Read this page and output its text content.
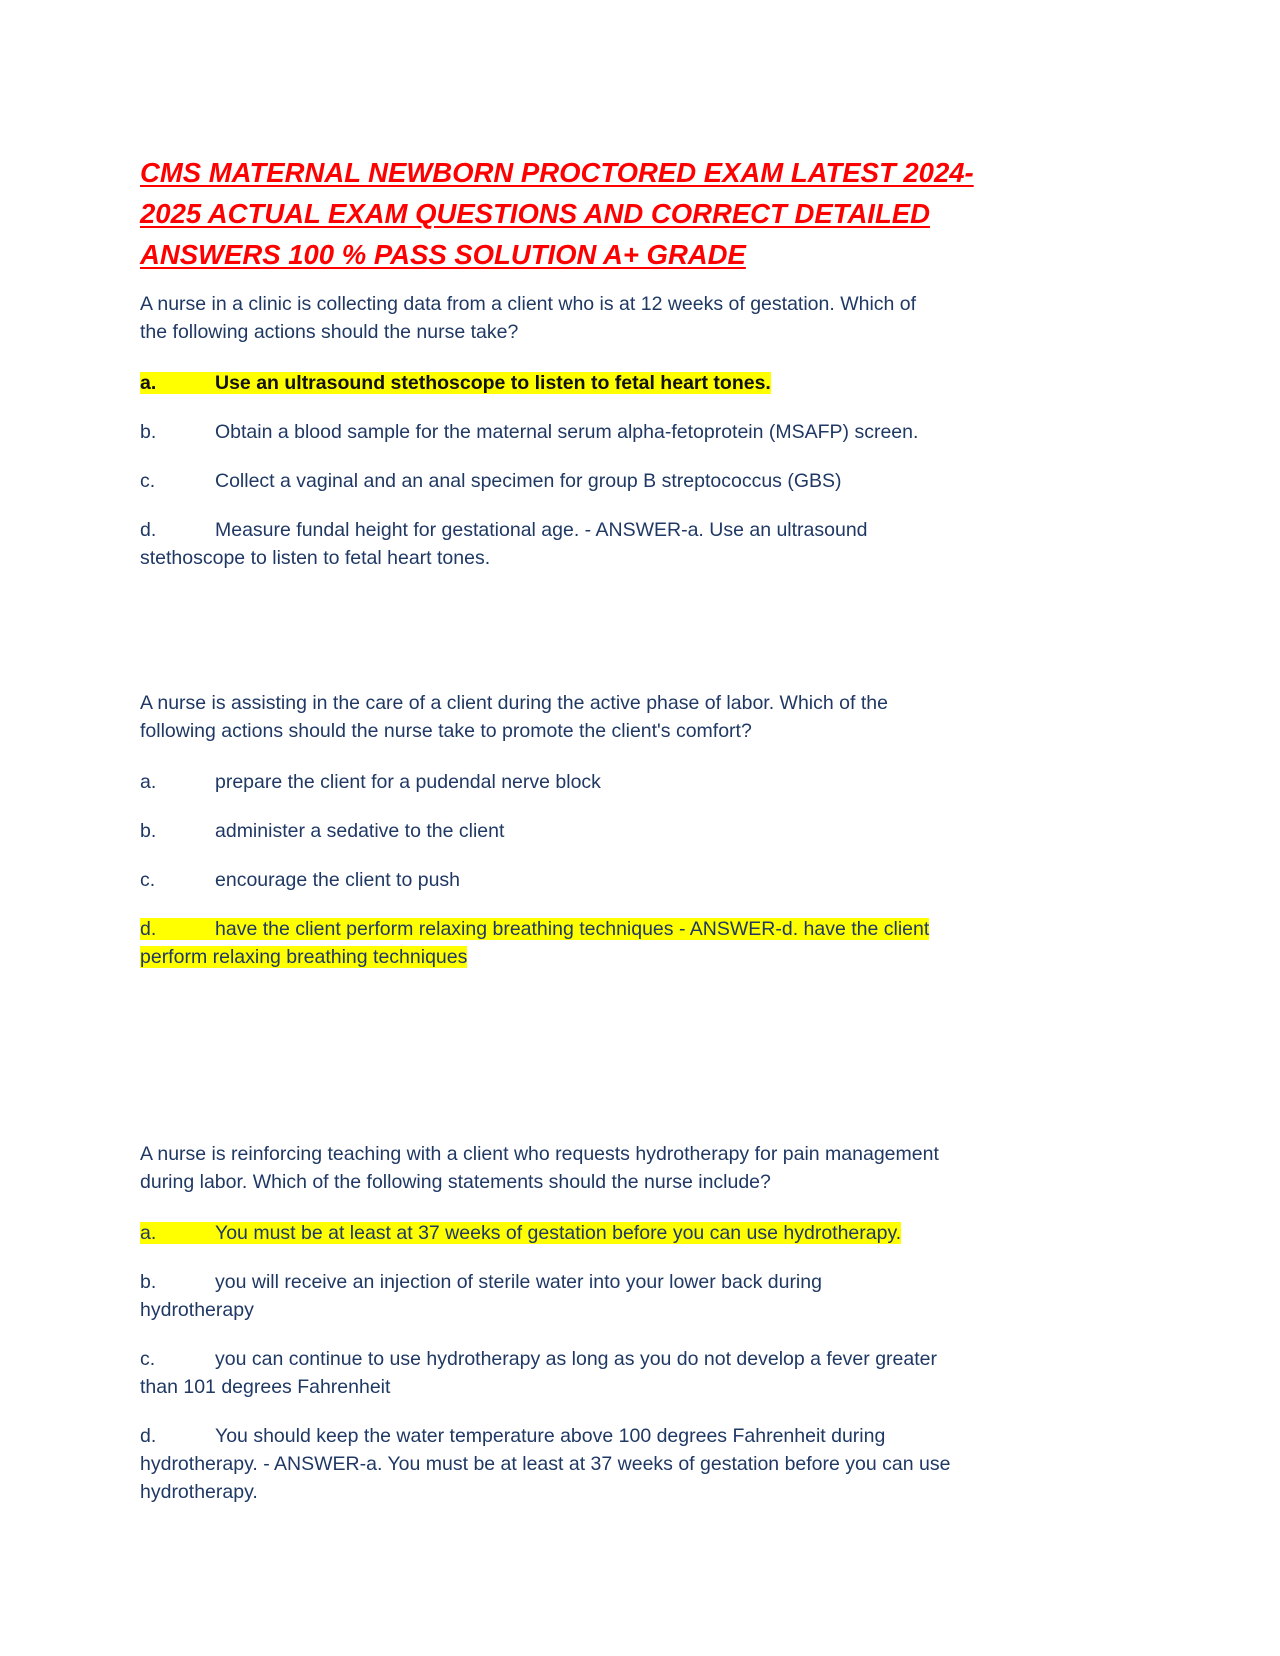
CMS MATERNAL NEWBORN PROCTORED EXAM LATEST 2024-
2025 ACTUAL EXAM QUESTIONS AND CORRECT DETAILED
ANSWERS 100 % PASS SOLUTION A+ GRADE
A nurse in a clinic is collecting data from a client who is at 12 weeks of gestation. Which of
the following actions should the nurse take?
a.	Use an ultrasound stethoscope to listen to fetal heart tones.
b.	Obtain a blood sample for the maternal serum alpha-fetoprotein (MSAFP) screen.
c.	Collect a vaginal and an anal specimen for group B streptococcus (GBS)
d.	Measure fundal height for gestational age. - ANSWER-a. Use an ultrasound
stethoscope to listen to fetal heart tones.
A nurse is assisting in the care of a client during the active phase of labor. Which of the
following actions should the nurse take to promote the client's comfort?
a.	prepare the client for a pudendal nerve block
b.	administer a sedative to the client
c.	encourage the client to push
d.	have the client perform relaxing breathing techniques - ANSWER-d. have the client
perform relaxing breathing techniques
A nurse is reinforcing teaching with a client who requests hydrotherapy for pain management
during labor. Which of the following statements should the nurse include?
a.	You must be at least at 37 weeks of gestation before you can use hydrotherapy.
b.	you will receive an injection of sterile water into your lower back during
hydrotherapy
c.	you can continue to use hydrotherapy as long as you do not develop a fever greater
than 101 degrees Fahrenheit
d.	You should keep the water temperature above 100 degrees Fahrenheit during
hydrotherapy. - ANSWER-a. You must be at least at 37 weeks of gestation before you can use
hydrotherapy.
